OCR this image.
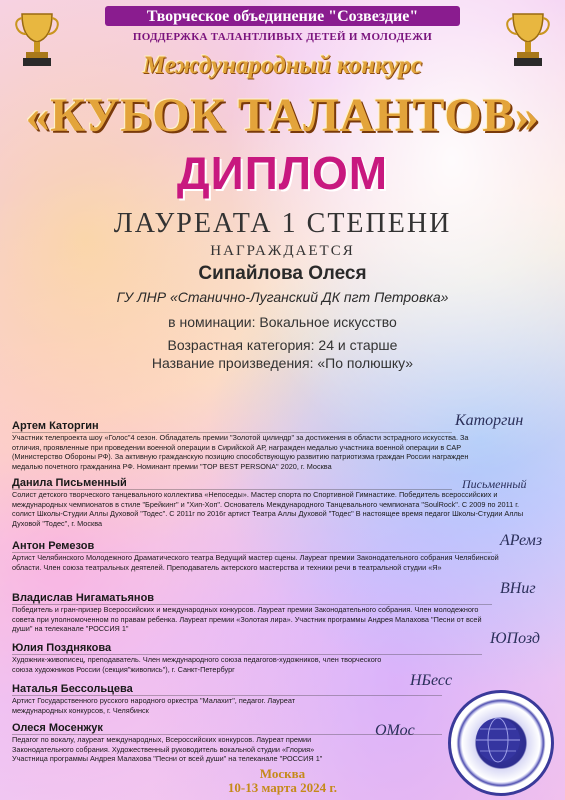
Творческое объединение "Созвездие"
ПОДДЕРЖКА ТАЛАНТЛИВЫХ ДЕТЕЙ И МОЛОДЕЖИ
Международный конкурс
«КУБОК ТАЛАНТОВ»
ДИПЛОМ
ЛАУРЕАТА 1 СТЕПЕНИ
НАГРАЖДАЕТСЯ
Сипайлова Олеся
ГУ ЛНР «Станично-Луганский ДК пгт Петровка»
в номинации: Вокальное искусство
Возрастная категория: 24 и старше
Название произведения: «По полюшку»
Артем Каторгин
Участник телепроекта шоу «Голос"4 сезон. Обладатель премии "Золотой цилиндр" за достижения в области эстрадного искусства. За отличия, проявленные при проведении военной операции в Сирийской АР, награжден медалью участника военной операции в САР (Министерство Обороны РФ). За активную гражданскую позицию способствующую развитию патриотизма граждан России награжден медалью почетного гражданина РФ. Номинант премии "TOP BEST PERSONA" 2020, г. Москва
Каторгин
Данила Письменный
Солист детского творческого танцевального коллектива «Непоседы». Мастер спорта по Спортивной Гимнастике. Победитель всероссийских и международных чемпионатов в стиле "Брейкинг" и "Хип-Хоп". Основатель Международного Танцевального чемпионата "SoulRock". С 2009 по 2011 г. солист Школы-Студии Аллы Духовой "Тодес". С 2011г по 2016г артист Театра Аллы Духовой "Тодес" В настоящее время педагог Школы-Студии Аллы Духовой "Тодес", г. Москва
Письменный
Антон Ремезов
Артист Челябинского Молодежного Драматического театра Ведущий мастер сцены. Лауреат премии Законодательного собрания Челябинской области. Член союза театральных деятелей. Преподаватель актерского мастерства и техники речи в театральной студии «Я»
АРемз
Владислав Нигаматьянов
Победитель и гран-призер Всероссийских и международных конкурсов. Лауреат премии Законодательного собрания. Член молодежного совета при уполномоченном по правам ребенка. Лауреат премии «Золотая лира». Участник программы Андрея Малахова "Песни от всей души" на телеканале "РОССИЯ 1"
ВНиг
Юлия Позднякова
Художник-живописец, преподаватель. Член международного союза педагогов-художников, член творческого союза художников России (секция"живопись"), г. Санкт-Петербург
ЮПозд
Наталья Бессольцева
Артист Государственного русского народного оркестра "Малахит", педагог. Лауреат международных конкурсов, г. Челябинск
НБесс
Олеся Мосенжук
Педагог по вокалу, лауреат международных, Всероссийских конкурсов. Лауреат премии Законодательного собрания. Художественный руководитель вокальной студии «Глория» Участница программы Андрея Малахова "Песни от всей души" на телеканале "РОССИЯ 1"
ОМос
Москва
10-13 марта 2024 г.
